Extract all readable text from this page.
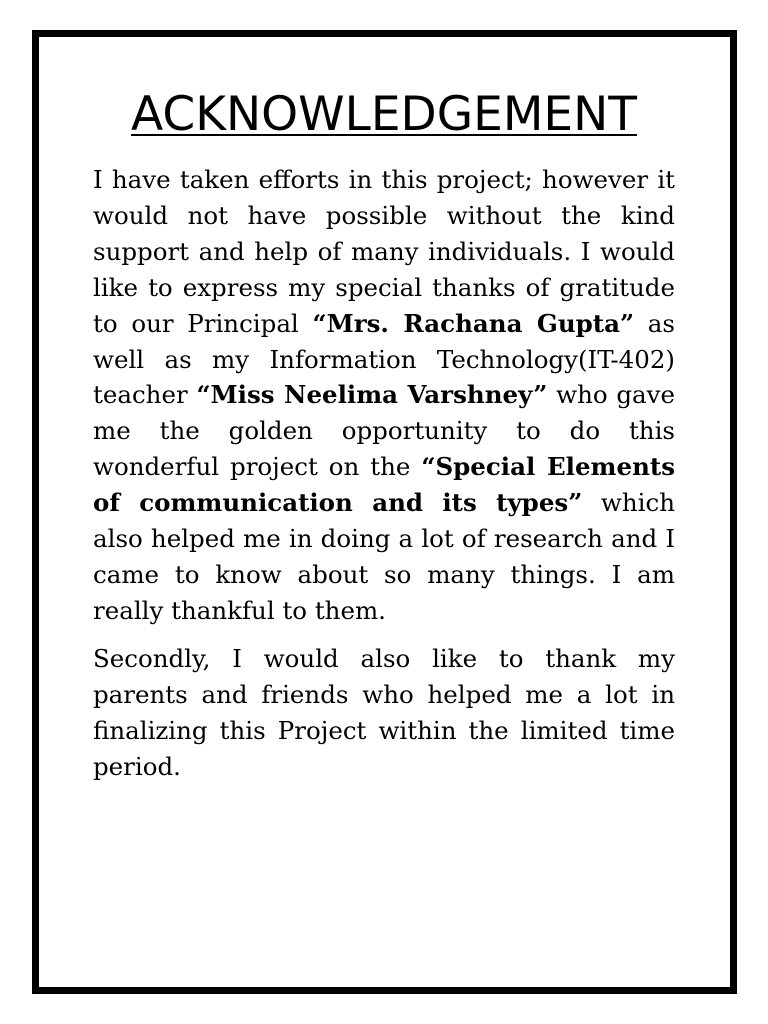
ACKNOWLEDGEMENT

I have taken efforts in this project; however it would not have possible without the kind support and help of many individuals. I would like to express my special thanks of gratitude to our Principal “Mrs. Rachana Gupta” as well as my Information Technology(IT-402) teacher “Miss Neelima Varshney” who gave me the golden opportunity to do this wonderful project on the “Special Elements of communication and its types” which also helped me in doing a lot of research and I came to know about so many things. I am really thankful to them.

Secondly, I would also like to thank my parents and friends who helped me a lot in finalizing this Project within the limited time period.
